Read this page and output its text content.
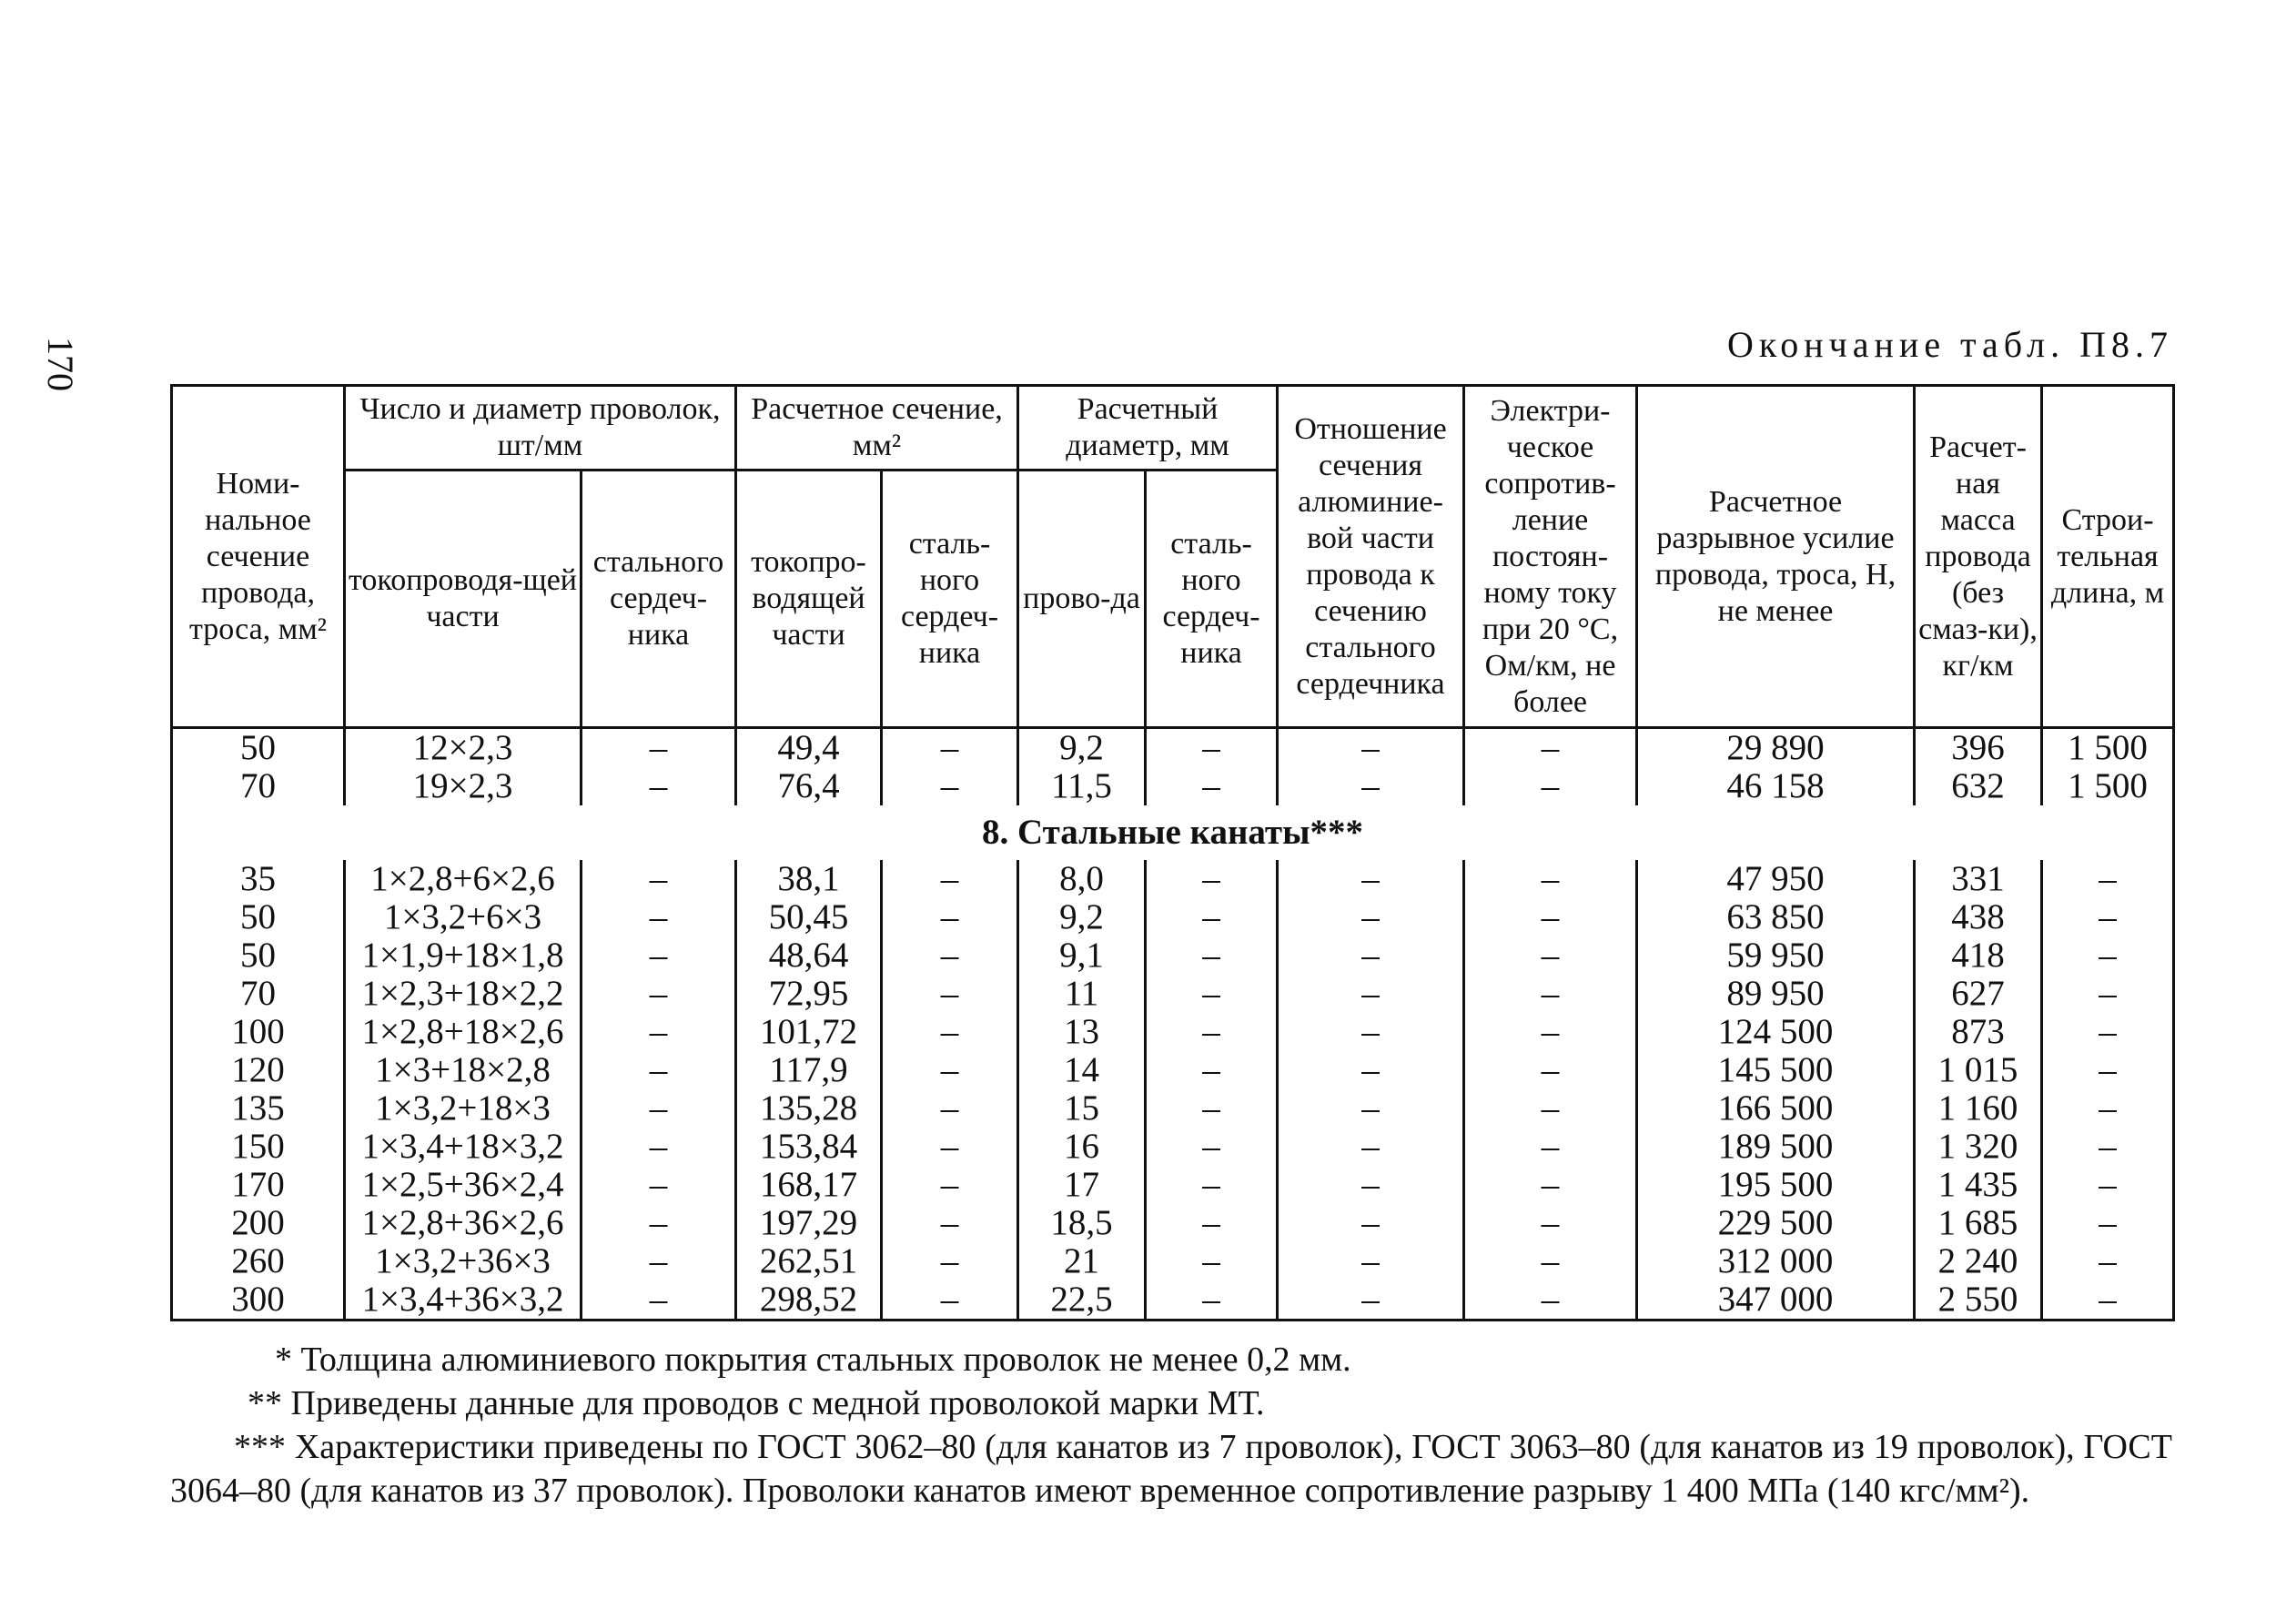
170	Окончание табл. П8.7
Номи-нальное сечение провода, троса, мм²	Число и диаметр проволок, шт/мм		Расчетное сечение, мм²		Расчетный диаметр, мм		Отношение сечения алюминие-вой части провода к сечению стального сердечника	Электри-ческое сопротив-ление постоян-ному току при 20 °С, Ом/км, не более	Расчетное разрывное усилие провода, троса, Н, не менее	Расчет-ная масса провода (без смаз-ки), кг/км	Строи-тельная длина, м
	токопроводя-щей части	стального сердеч-ника	токопро-водящей части	сталь-ного сердеч-ника	прово-да	сталь-ного сердеч-ника					
50	12×2,3	–	49,4	–	9,2	–	–	–	29 890	396	1 500
70	19×2,3	–	76,4	–	11,5	–	–	–	46 158	632	1 500
8. Стальные канаты***											
35	1×2,8+6×2,6	–	38,1	–	8,0	–	–	–	47 950	331	–
50	1×3,2+6×3	–	50,45	–	9,2	–	–	–	63 850	438	–
50	1×1,9+18×1,8	–	48,64	–	9,1	–	–	–	59 950	418	–
70	1×2,3+18×2,2	–	72,95	–	11	–	–	–	89 950	627	–
100	1×2,8+18×2,6	–	101,72	–	13	–	–	–	124 500	873	–
120	1×3+18×2,8	–	117,9	–	14	–	–	–	145 500	1 015	–
135	1×3,2+18×3	–	135,28	–	15	–	–	–	166 500	1 160	–
150	1×3,4+18×3,2	–	153,84	–	16	–	–	–	189 500	1 320	–
170	1×2,5+36×2,4	–	168,17	–	17	–	–	–	195 500	1 435	–
200	1×2,8+36×2,6	–	197,29	–	18,5	–	–	–	229 500	1 685	–
260	1×3,2+36×3	–	262,51	–	21	–	–	–	312 000	2 240	–
300	1×3,4+36×3,2	–	298,52	–	22,5	–	–	–	347 000	2 550	–
* Толщина алюминиевого покрытия стальных проволок не менее 0,2 мм.
** Приведены данные для проводов с медной проволокой марки МТ.
*** Характеристики приведены по ГОСТ 3062–80 (для канатов из 7 проволок), ГОСТ 3063–80 (для канатов из 19 проволок), ГОСТ 3064–80 (для канатов из 37 проволок). Проволоки канатов имеют временное сопротивление разрыву 1 400 МПа (140 кгс/мм²).
